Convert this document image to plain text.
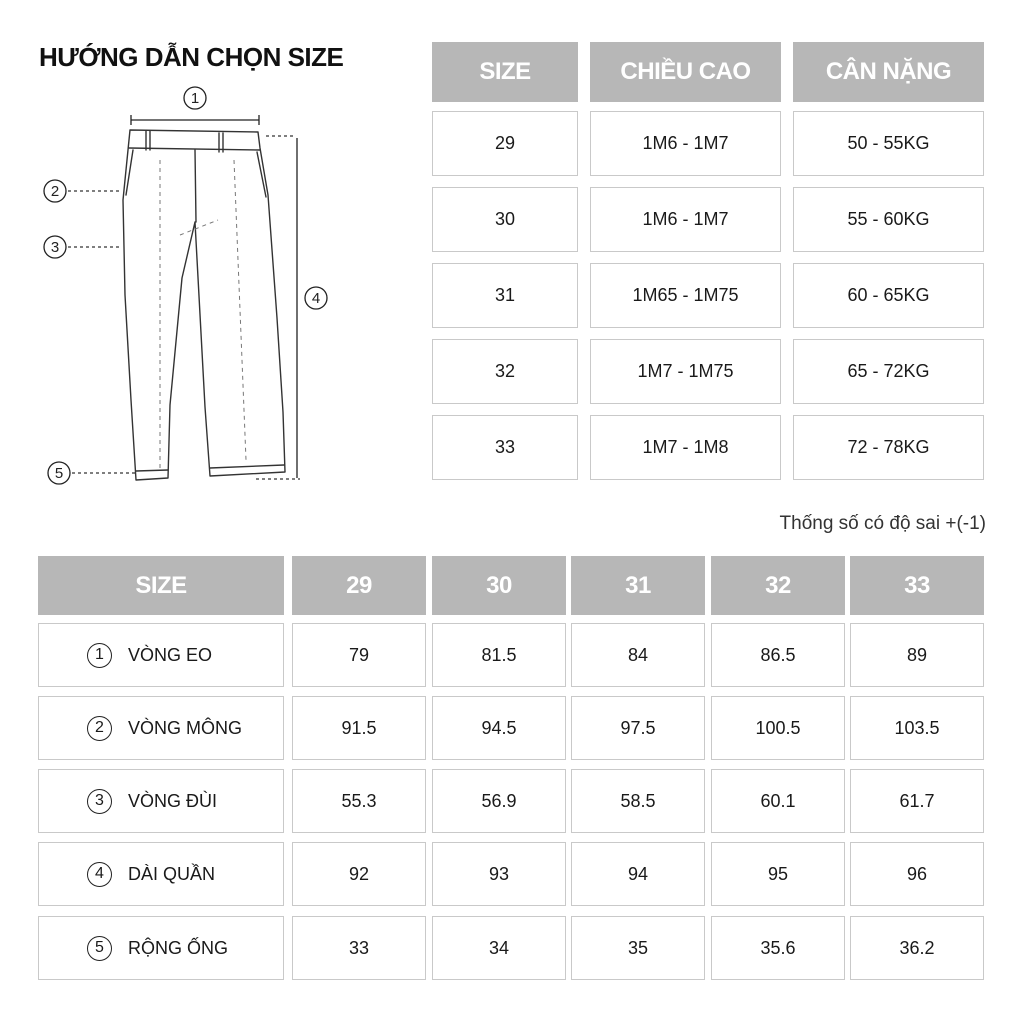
HƯỚNG DẪN CHỌN SIZE
1
2
3
4
5
SIZE	CHIỀU CAO	CÂN NẶNG
29	1M6 - 1M7	50 - 55KG
30	1M6 - 1M7	55 - 60KG
31	1M65 - 1M75	60 - 65KG
32	1M7 - 1M75	65 - 72KG
33	1M7 - 1M8	72 - 78KG
Thống số có độ sai +(-1)
SIZE	29	30	31	32	33
1	VÒNG EO	79	81.5	84	86.5	89
2	VÒNG MÔNG	91.5	94.5	97.5	100.5	103.5
3	VÒNG ĐÙI	55.3	56.9	58.5	60.1	61.7
4	DÀI QUẦN	92	93	94	95	96
5	RỘNG ỐNG	33	34	35	35.6	36.2
